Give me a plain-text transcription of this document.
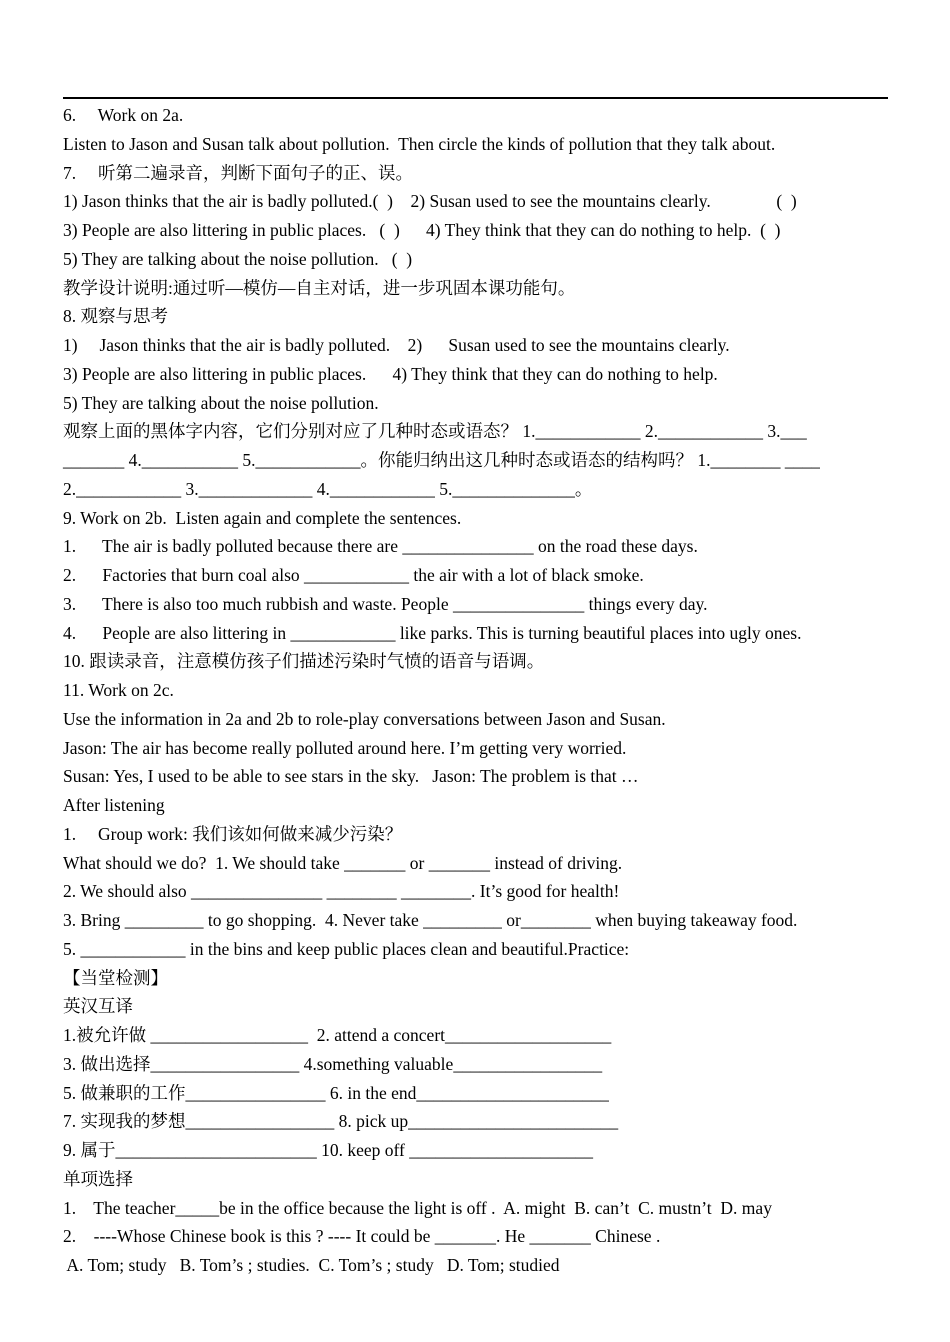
6.     Work on 2a.
Listen to Jason and Susan talk about pollution.  Then circle the kinds of pollution that they talk about.
7.     听第二遍录音，判断下面句子的正、误。
1) Jason thinks that the air is badly polluted.(  )    2) Susan used to see the mountains clearly.               (  )
3) People are also littering in public places.   (  )      4) They think that they can do nothing to help.  (  )
5) They are talking about the noise pollution.   (  )
教学设计说明:通过听—模仿—自主对话，进一步巩固本课功能句。
8. 观察与思考
1)     Jason thinks that the air is badly polluted.    2)      Susan used to see the mountains clearly.
3) People are also littering in public places.      4) They think that they can do nothing to help.
5) They are talking about the noise pollution.
观察上面的黑体字内容，它们分别对应了几种时态或语态？ 1.____________ 2.____________ 3.___
_______ 4.___________ 5.____________。你能归纳出这几种时态或语态的结构吗？ 1.________ ____
2.____________ 3._____________ 4.____________ 5.______________。
9. Work on 2b.  Listen again and complete the sentences.
1.      The air is badly polluted because there are _______________ on the road these days.
2.      Factories that burn coal also ____________ the air with a lot of black smoke.
3.      There is also too much rubbish and waste. People _______________ things every day.
4.      People are also littering in ____________ like parks. This is turning beautiful places into ugly ones.
10. 跟读录音，注意模仿孩子们描述污染时气愤的语音与语调。
11. Work on 2c.
Use the information in 2a and 2b to role-play conversations between Jason and Susan.
Jason: The air has become really polluted around here. I’m getting very worried.
Susan: Yes, I used to be able to see stars in the sky.   Jason: The problem is that …
After listening
1.     Group work: 我们该如何做来减少污染？
What should we do?  1. We should take _______ or _______ instead of driving.
2. We should also _______________ ________ ________. It’s good for health!
3. Bring _________ to go shopping.  4. Never take _________ or________ when buying takeaway food.
5. ____________ in the bins and keep public places clean and beautiful.Practice:
【当堂检测】
英汉互译
1.被允许做 __________________  2. attend a concert___________________
3. 做出选择_________________ 4.something valuable_________________
5. 做兼职的工作________________ 6. in the end______________________
7. 实现我的梦想_________________ 8. pick up________________________
9. 属于_______________________ 10. keep off _____________________
单项选择
1.    The teacher_____be in the office because the light is off .  A. might  B. can’t  C. mustn’t  D. may
2.    ----Whose Chinese book is this ? ---- It could be _______. He _______ Chinese .
A. Tom; study   B. Tom’s ; studies.  C. Tom’s ; study   D. Tom; studied
